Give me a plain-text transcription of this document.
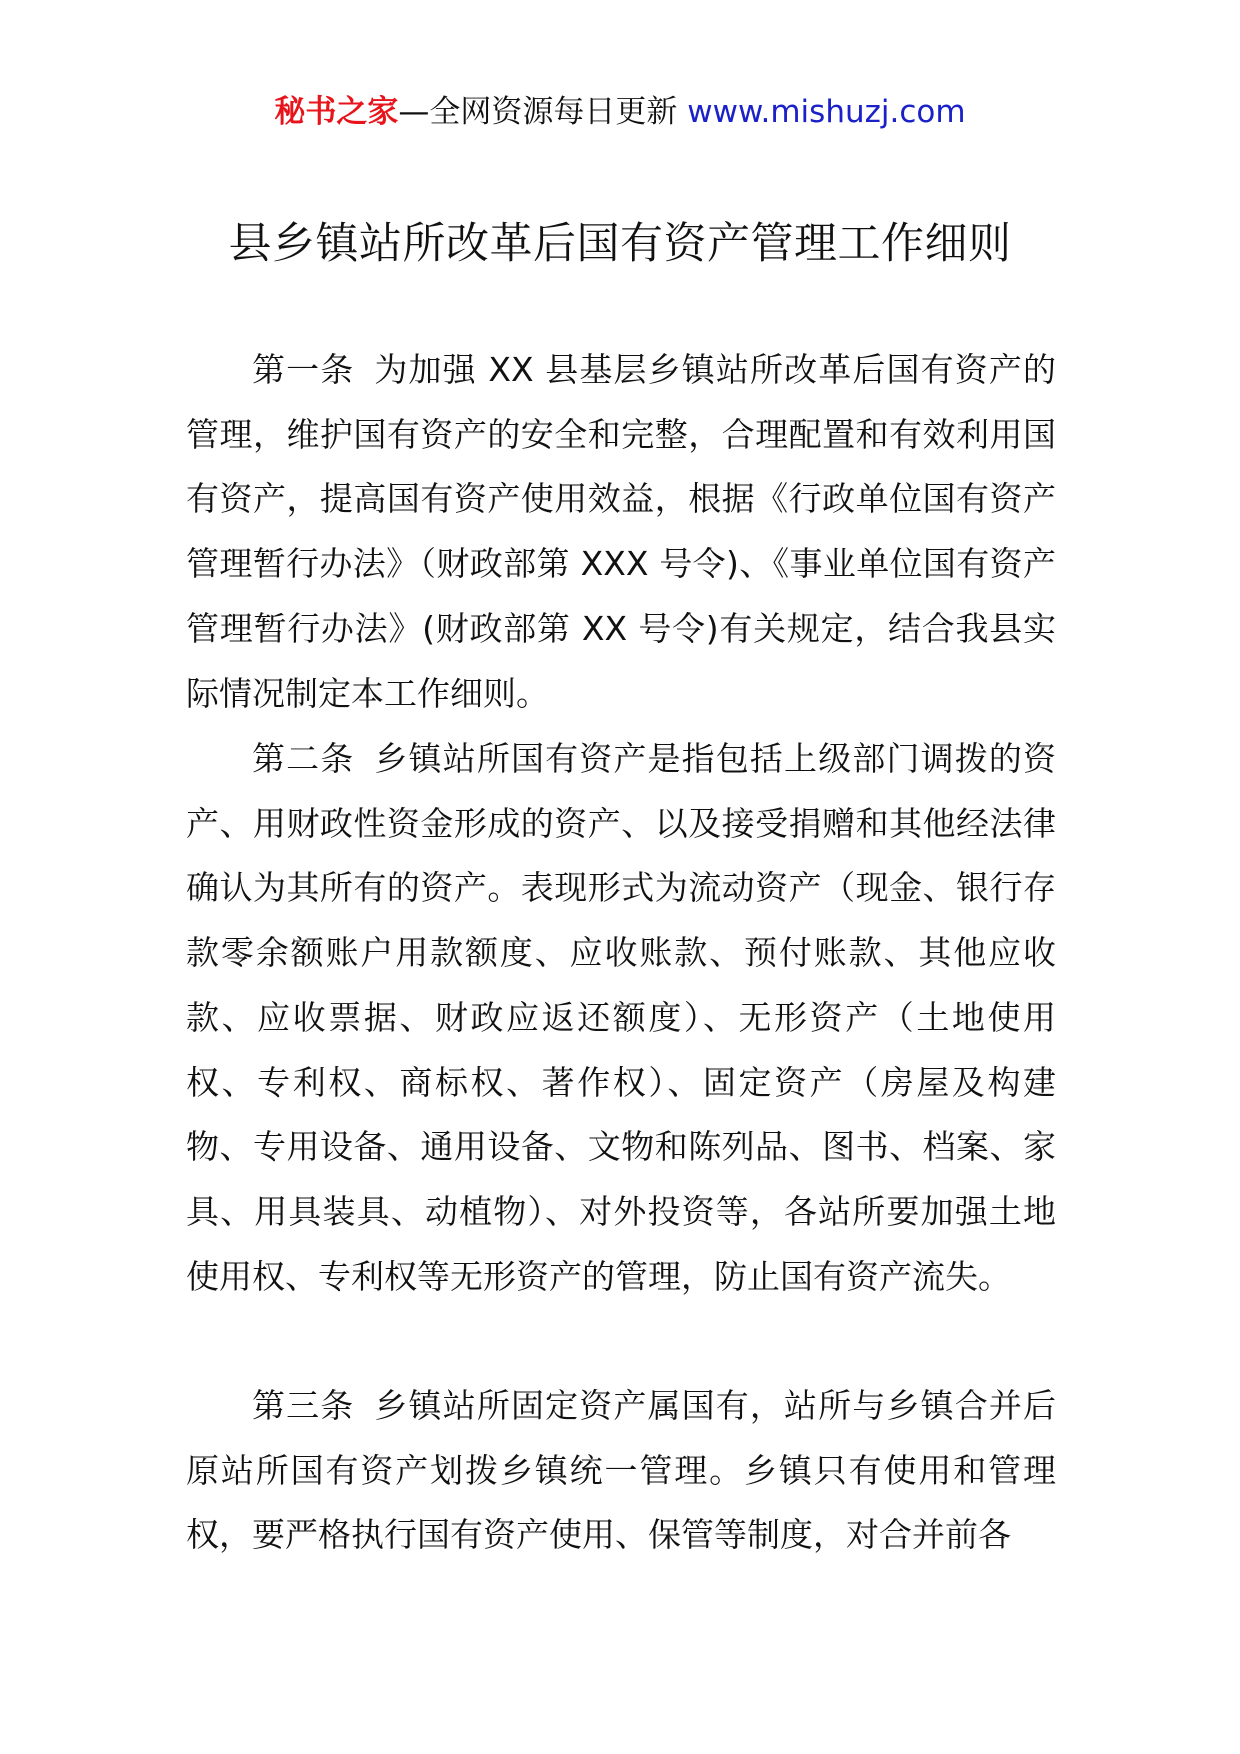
秘书之家—全网资源每日更新 www.mishuzj.com
县乡镇站所改革后国有资产管理工作细则

第一条 为加强 XX 县基层乡镇站所改革后国有资产的管理，维护国有资产的安全和完整，合理配置和有效利用国有资产，提高国有资产使用效益，根据《行政单位国有资产管理暂行办法》（财政部第 XXX 号令)、《事业单位国有资产管理暂行办法》(财政部第 XX 号令)有关规定，结合我县实际情况制定本工作细则。

第二条 乡镇站所国有资产是指包括上级部门调拨的资产、用财政性资金形成的资产、以及接受捐赠和其他经法律确认为其所有的资产。表现形式为流动资产（现金、银行存款零余额账户用款额度、应收账款、预付账款、其他应收款、应收票据、财政应返还额度）、无形资产（土地使用权、专利权、商标权、著作权）、固定资产（房屋及构建物、专用设备、通用设备、文物和陈列品、图书、档案、家具、用具装具、动植物）、对外投资等，各站所要加强土地使用权、专利权等无形资产的管理，防止国有资产流失。

第三条 乡镇站所固定资产属国有，站所与乡镇合并后原站所国有资产划拨乡镇统一管理。乡镇只有使用和管理权，要严格执行国有资产使用、保管等制度，对合并前各
